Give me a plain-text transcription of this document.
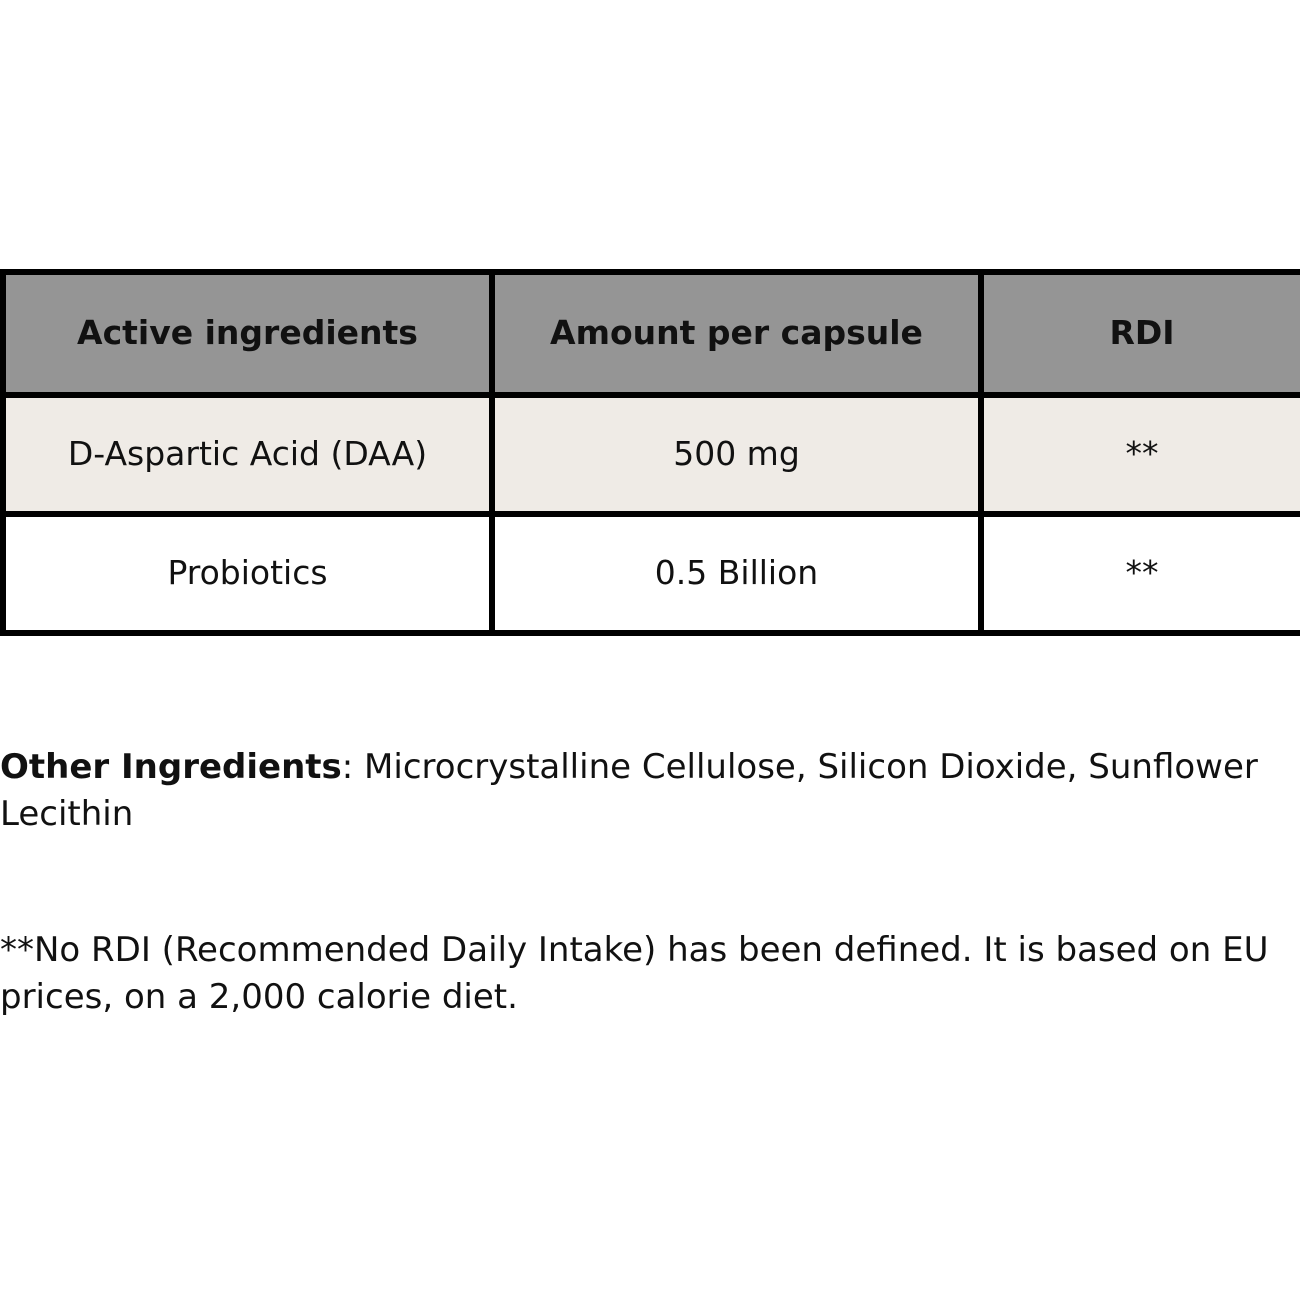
Active ingredients	Amount per capsule	RDI
D-Aspartic Acid (DAA)	500 mg	**
Probiotics	0.5 Billion	**

Other Ingredients: Microcrystalline Cellulose, Silicon Dioxide, Sunflower Lecithin

**No RDI (Recommended Daily Intake) has been defined. It is based on EU prices, on a 2,000 calorie diet.
